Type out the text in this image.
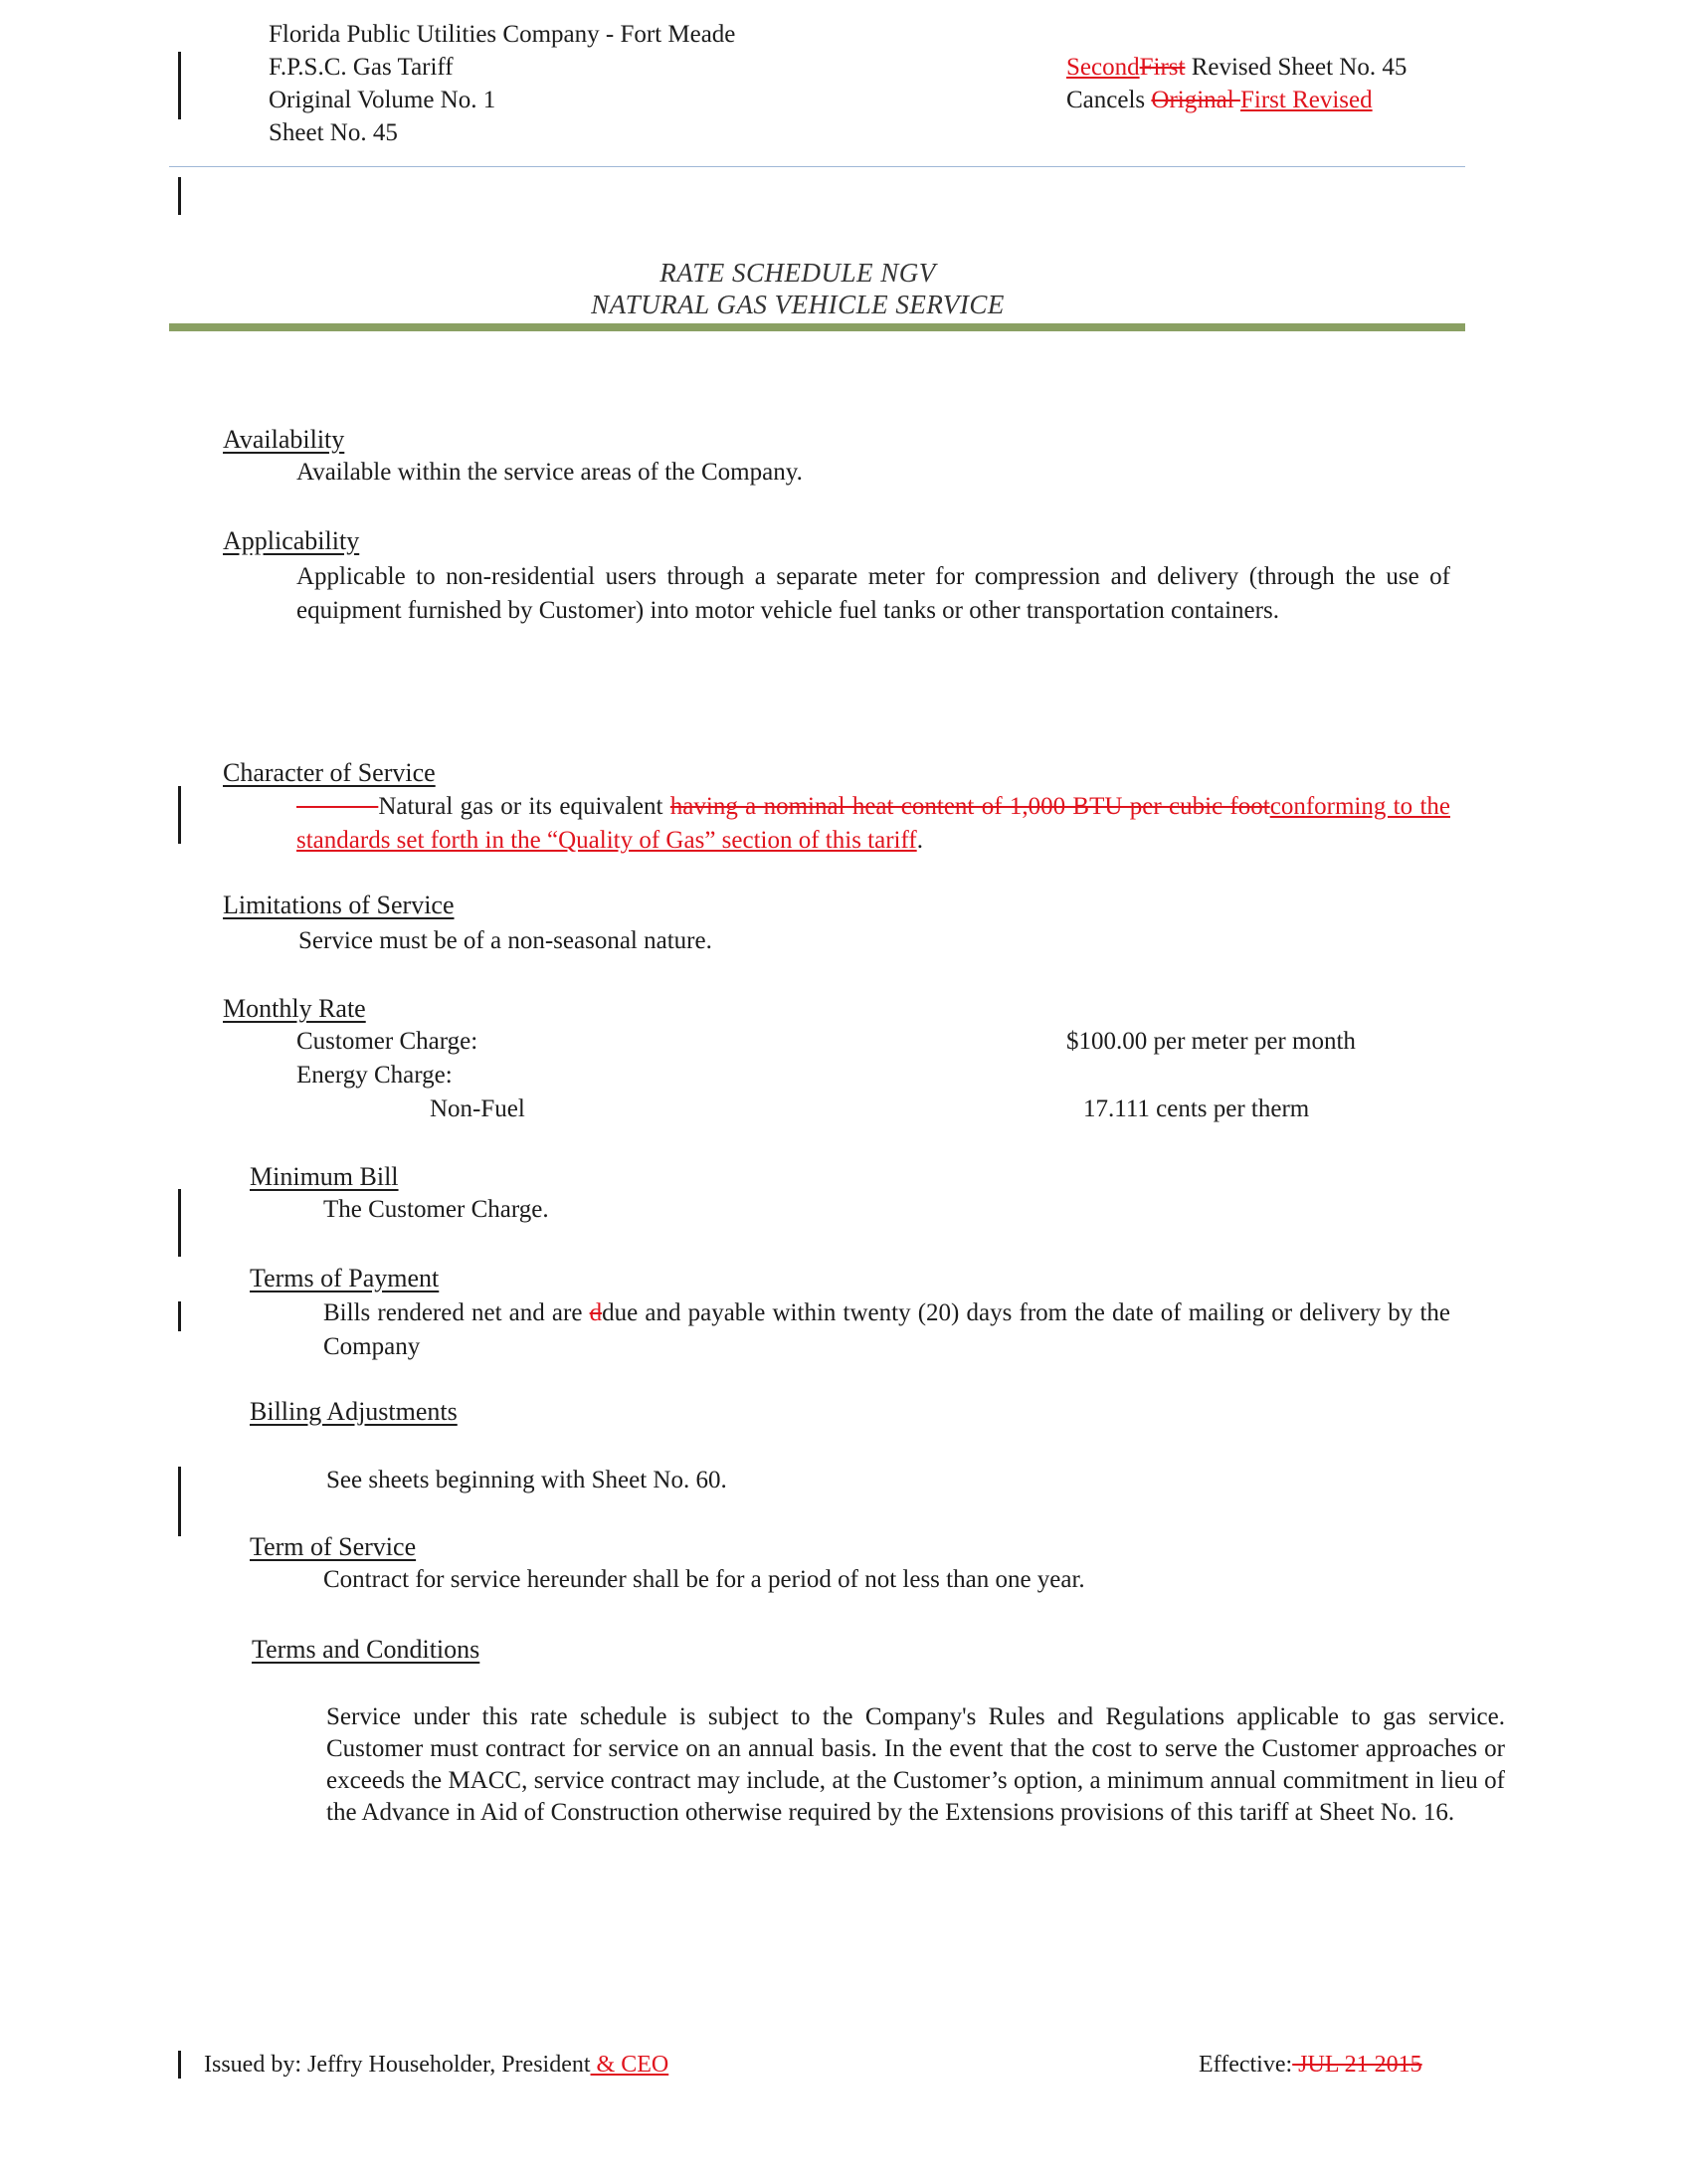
Florida Public Utilities Company - Fort Meade
F.P.S.C. Gas Tariff
Original Volume No. 1
Sheet No. 45
SecondFirst Revised Sheet No. 45
Cancels Original First Revised
RATE SCHEDULE NGV
NATURAL GAS VEHICLE SERVICE
Availability
Available within the service areas of the Company.
Applicability
Applicable to non-residential users through a separate meter for compression and delivery (through the use of equipment furnished by Customer) into motor vehicle fuel tanks or other transportation containers.
Character of Service
    Natural gas or its equivalent having a nominal heat content of 1,000 BTU per cubic footconforming to the standards set forth in the “Quality of Gas” section of this tariff.
Limitations of Service
Service must be of a non-seasonal nature.
Monthly Rate
Customer Charge:	$100.00 per meter per month
Energy Charge:
Non-Fuel	17.111 cents per therm
Minimum Bill
The Customer Charge.
Terms of Payment
Bills rendered net and are ddue and payable within twenty (20) days from the date of mailing or delivery by the Company
Billing Adjustments
See sheets beginning with Sheet No. 60.
Term of Service
Contract for service hereunder shall be for a period of not less than one year.
Terms and Conditions
Service under this rate schedule is subject to the Company's Rules and Regulations applicable to gas service. Customer must contract for service on an annual basis. In the event that the cost to serve the Customer approaches or exceeds the MACC, service contract may include, at the Customer’s option, a minimum annual commitment in lieu of the Advance in Aid of Construction otherwise required by the Extensions provisions of this tariff at Sheet No. 16.
Issued by: Jeffry Householder, President & CEO	Effective: JUL 21 2015
